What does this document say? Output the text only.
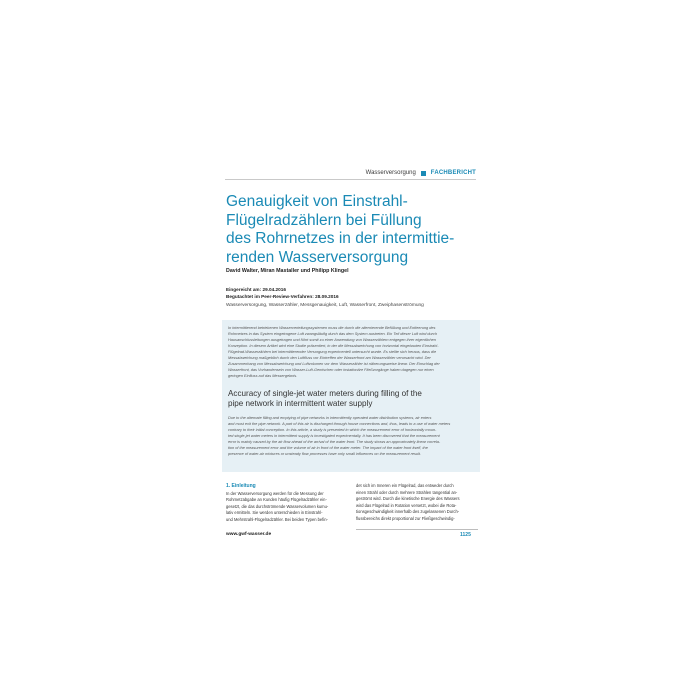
Wasserversorgung	FACHBERICHT
Genauigkeit von Einstrahl-
Flügelradzählern bei Füllung
des Rohrnetzes in der intermittie-
renden Wasserversorgung
David Walter, Miran Mastaller und Philipp Klingel
Eingereicht am: 29.04.2016
Begutachtet im Peer-Review-Verfahren: 28.09.2016
Wasserversorgung, Wasserzähler, Messgenauigkeit, Luft, Wasserfront, Zweiphasenströmung
In intermittierend betriebenen Wasserverteilungssystemen muss die durch die alternierende Befüllung und Entleerung des
Rohrnetzes in das System eingetragene Luft zwangsläufig durch das dem System austreten. Ein Teil dieser Luft wird durch
Hausanschlussleitungen ausgetragen und führt somit zu einer Anwendung von Wasserzählern entgegen ihrer eigentlichen
Konzeption. In diesem Artikel wird eine Studie präsentiert, in der die Messabweichung von horizontal eingebauten Einstrahl-
Flügelrad-Wasserzählern bei intermittierender Versorgung experimentell untersucht wurde. Es stellte sich heraus, dass die
Messabweichung maßgeblich durch den Luftfluss vor Eintreffen der Wasserfront am Wasserzähler verursacht wird. Der
Zusammenhang von Messabweichung und Luftvolumen vor dem Wasserzähler ist näherungsweise linear. Der Einschlag der
Wasserfront, das Vorhandensein von Wasser-Luft-Gemischen oder instationäre Fließvorgänge haben dagegen nur einen
geringen Einfluss auf das Messergebnis.
Accuracy of single-jet water meters during filling of the
pipe network in intermittent water supply
Due to the alternate filling and emptying of pipe networks in intermittently operated water distribution systems, air enters
and must exit the pipe network. A part of this air is discharged through house connections and, thus, leads to a use of water meters
contrary to their initial conception. In this article, a study is presented in which the measurement error of horizontally moun-
ted single-jet water meters in intermittent supply is investigated experimentally. It has been discovered that the measurement
error is mainly caused by the air flow ahead of the arrival of the water front. The study shows an approximately linear correla-
tion of the measurement error and the volume of air in front of the water meter. The impact of the water front itself, the
presence of water-air mixtures or unsteady flow processes have only small influences on the measurement result.
1. Einleitung
In der Wasserversorgung werden für die Messung der
Rohrnetzabgabe an Kunden häufig Flügelradzähler ein-
gesetzt, die das durchströmende Wasservolumen kumu-
lativ ermitteln. Sie werden unterschieden in Einstrahl-
und Mehrstrahl-Flügelradzähler. Bei beiden Typen befin-
det sich im Inneren ein Flügelrad, das entweder durch
einen Strahl oder durch mehrere Strahlen tangential an-
geströmt wird. Durch die kinetische Energie des Wassers
wird das Flügelrad in Rotation versetzt, wobei die Rota-
tionsgeschwindigkeit innerhalb des zugelassenen Durch-
flussbereichs direkt proportional zur Fließgeschwindig-
www.gwf-wasser.de	1125
